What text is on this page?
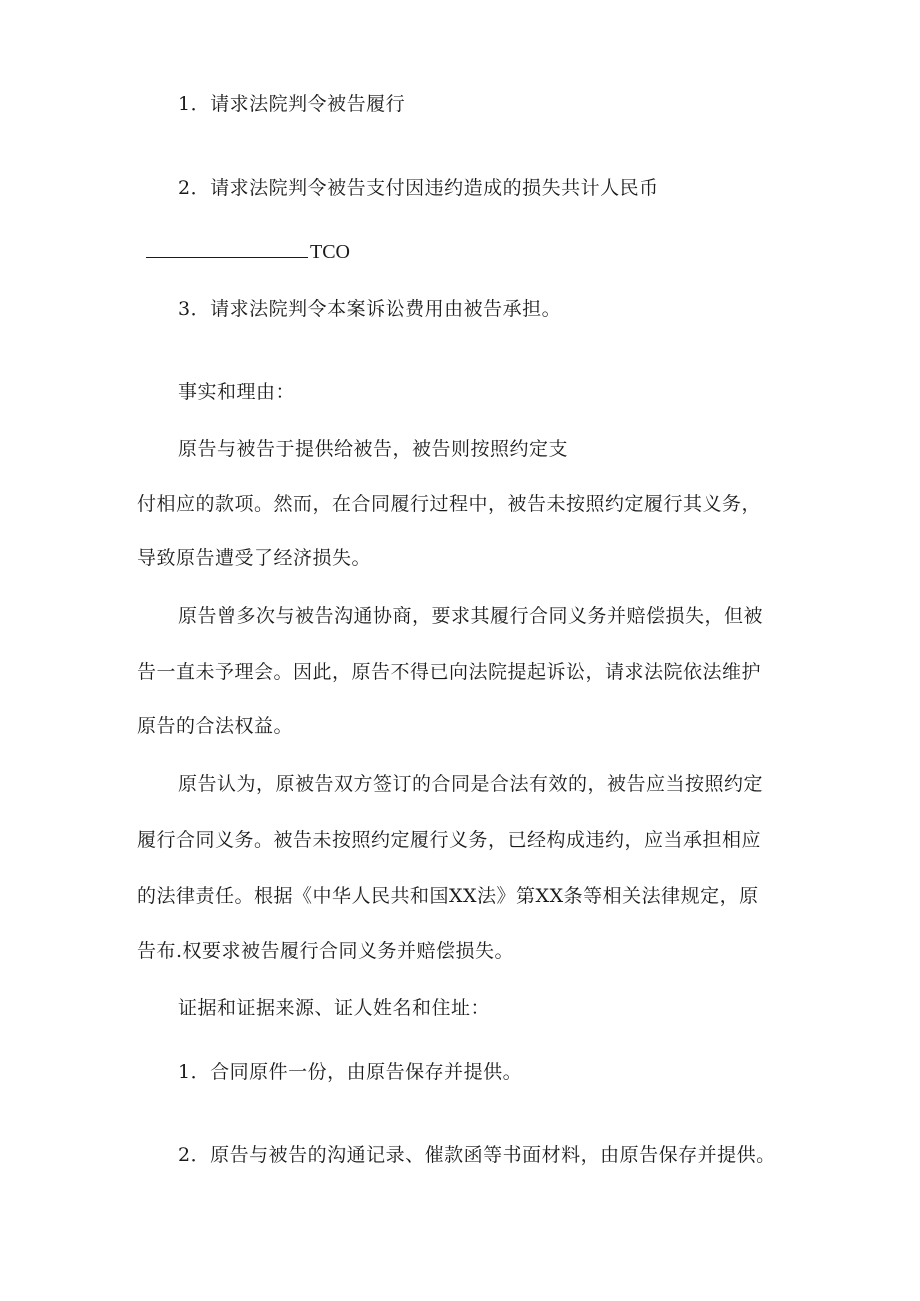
1．请求法院判令被告履行
2．请求法院判令被告支付因违约造成的损失共计人民币
TCO
3．请求法院判令本案诉讼费用由被告承担。
事实和理由：
原告与被告于提供给被告，被告则按照约定支
付相应的款项。然而，在合同履行过程中，被告未按照约定履行其义务，
导致原告遭受了经济损失。
原告曾多次与被告沟通协商，要求其履行合同义务并赔偿损失，但被
告一直未予理会。因此，原告不得已向法院提起诉讼，请求法院依法维护
原告的合法权益。
原告认为，原被告双方签订的合同是合法有效的，被告应当按照约定
履行合同义务。被告未按照约定履行义务，已经构成违约，应当承担相应
的法律责任。根据《中华人民共和国XX法》第XX条等相关法律规定，原
告布.权要求被告履行合同义务并赔偿损失。
证据和证据来源、证人姓名和住址：
1．合同原件一份，由原告保存并提供。
2．原告与被告的沟通记录、催款函等书面材料，由原告保存并提供。
